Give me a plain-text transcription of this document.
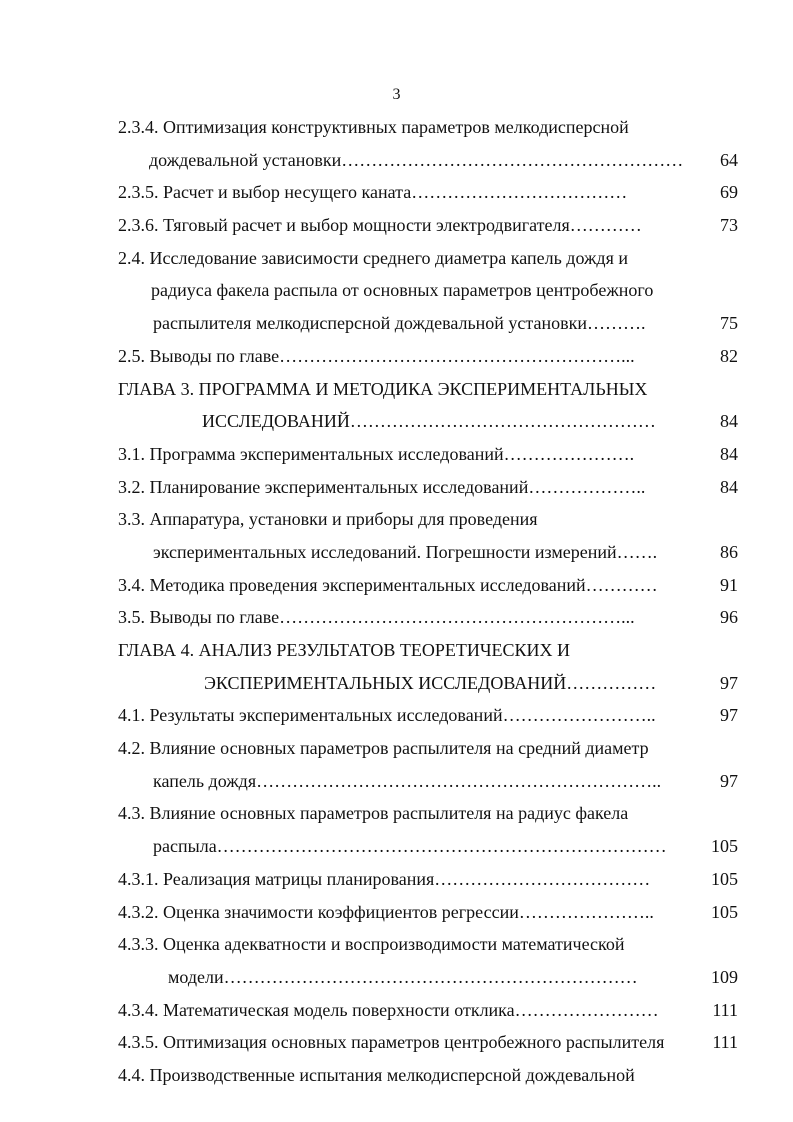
3
2.3.4. Оптимизация конструктивных параметров мелкодисперсной
дождевальной установки…………………………………………………	64
2.3.5. Расчет и выбор несущего каната………………………………	69
2.3.6. Тяговый расчет и выбор мощности электродвигателя…………	73
2.4. Исследование зависимости среднего диаметра капель дождя и
радиуса факела распыла от основных параметров центробежного
распылителя мелкодисперсной дождевальной установки……….	75
2.5. Выводы по главе…………………………………………………...	82
ГЛАВА 3. ПРОГРАММА И МЕТОДИКА ЭКСПЕРИМЕНТАЛЬНЫХ
ИССЛЕДОВАНИЙ……………………………………………	84
3.1. Программа экспериментальных исследований………………….	84
3.2. Планирование экспериментальных исследований………………..	84
3.3. Аппаратура, установки и приборы для проведения
экспериментальных исследований. Погрешности измерений…….	86
3.4. Методика проведения экспериментальных исследований…………	91
3.5. Выводы по главе…………………………………………………...	96
ГЛАВА 4. АНАЛИЗ РЕЗУЛЬТАТОВ ТЕОРЕТИЧЕСКИХ И
ЭКСПЕРИМЕНТАЛЬНЫХ ИССЛЕДОВАНИЙ……………	97
4.1. Результаты экспериментальных исследований……………………..	97
4.2. Влияние основных параметров распылителя на средний диаметр
капель дождя…………………………………………………………..	97
4.3. Влияние основных параметров распылителя на радиус факела
распыла…………………………………………………………………	105
4.3.1. Реализация матрицы планирования………………………………	105
4.3.2. Оценка значимости коэффициентов регрессии…………………..	105
4.3.3. Оценка адекватности и воспроизводимости математической
модели……………………………………………………………	109
4.3.4. Математическая модель поверхности отклика……………………	111
4.3.5. Оптимизация основных параметров центробежного распылителя	111
4.4. Производственные испытания мелкодисперсной дождевальной
